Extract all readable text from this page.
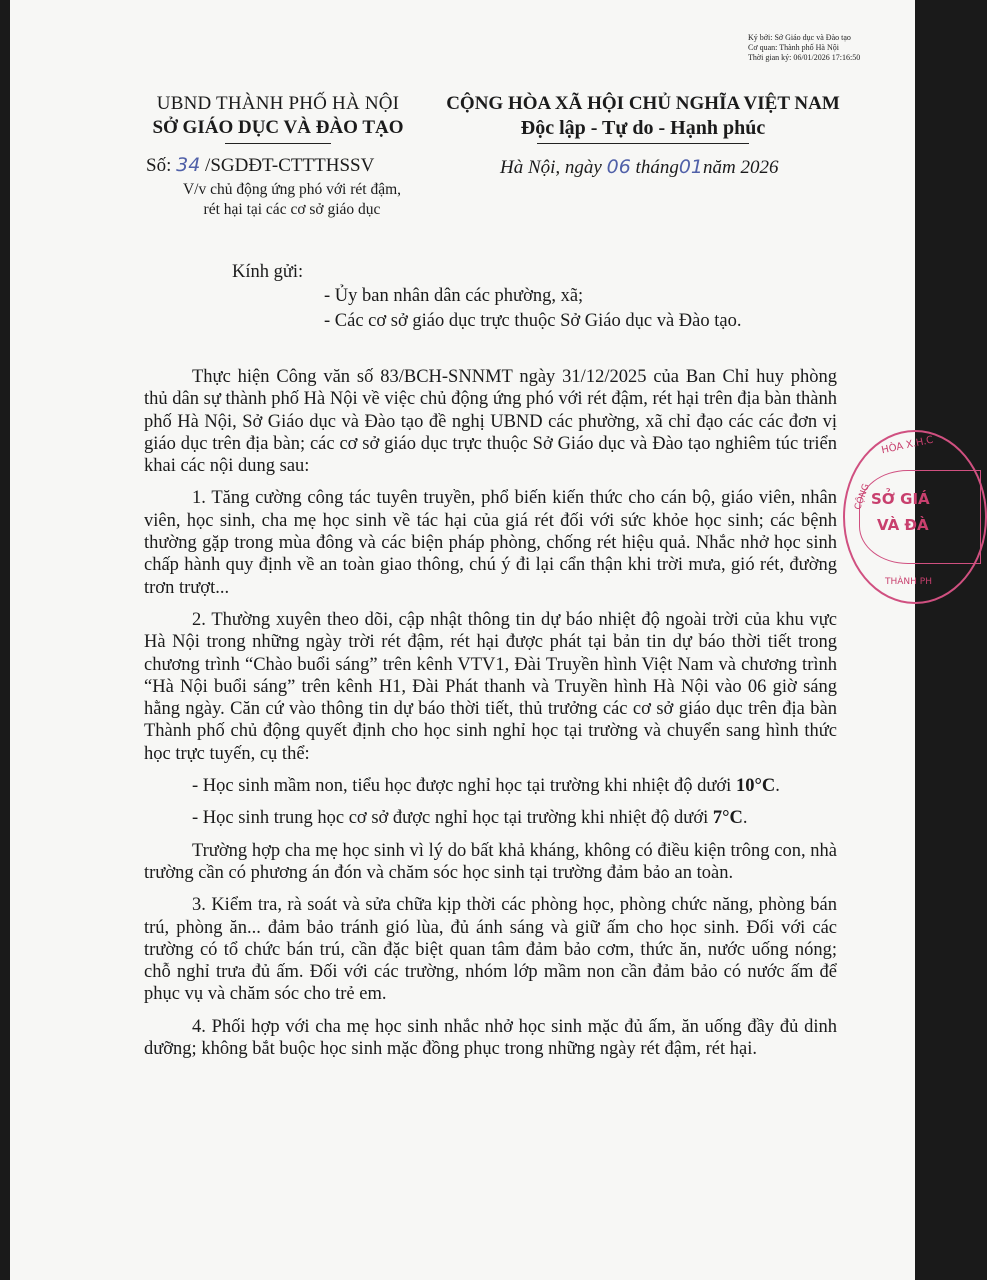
Ký bởi: Sở Giáo dục và Đào tạo
Cơ quan: Thành phố Hà Nội
Thời gian ký: 06/01/2026 17:16:50
UBND THÀNH PHỐ HÀ NỘI
SỞ GIÁO DỤC VÀ ĐÀO TẠO
CỘNG HÒA XÃ HỘI CHỦ NGHĨA VIỆT NAM
Độc lập - Tự do - Hạnh phúc
Số: 34 /SGDĐT-CTTTHSSV
V/v chủ động ứng phó với rét đậm,
rét hại tại các cơ sở giáo dục
Hà Nội, ngày 06 tháng01năm 2026
Kính gửi:
- Ủy ban nhân dân các phường, xã;
- Các cơ sở giáo dục trực thuộc Sở Giáo dục và Đào tạo.

Thực hiện Công văn số 83/BCH-SNNMT ngày 31/12/2025 của Ban Chỉ huy phòng thủ dân sự thành phố Hà Nội về việc chủ động ứng phó với rét đậm, rét hại trên địa bàn thành phố Hà Nội, Sở Giáo dục và Đào tạo đề nghị UBND các phường, xã chỉ đạo các các đơn vị giáo dục trên địa bàn; các cơ sở giáo dục trực thuộc Sở Giáo dục và Đào tạo nghiêm túc triển khai các nội dung sau:

1. Tăng cường công tác tuyên truyền, phổ biến kiến thức cho cán bộ, giáo viên, nhân viên, học sinh, cha mẹ học sinh về tác hại của giá rét đối với sức khỏe học sinh; các bệnh thường gặp trong mùa đông và các biện pháp phòng, chống rét hiệu quả. Nhắc nhở học sinh chấp hành quy định về an toàn giao thông, chú ý đi lại cẩn thận khi trời mưa, gió rét, đường trơn trượt...

2. Thường xuyên theo dõi, cập nhật thông tin dự báo nhiệt độ ngoài trời của khu vực Hà Nội trong những ngày trời rét đậm, rét hại được phát tại bản tin dự báo thời tiết trong chương trình “Chào buổi sáng” trên kênh VTV1, Đài Truyền hình Việt Nam và chương trình “Hà Nội buổi sáng” trên kênh H1, Đài Phát thanh và Truyền hình Hà Nội vào 06 giờ sáng hằng ngày. Căn cứ vào thông tin dự báo thời tiết, thủ trưởng các cơ sở giáo dục trên địa bàn Thành phố chủ động quyết định cho học sinh nghỉ học tại trường và chuyển sang hình thức học trực tuyến, cụ thể:

- Học sinh mầm non, tiểu học được nghỉ học tại trường khi nhiệt độ dưới 10°C.

- Học sinh trung học cơ sở được nghỉ học tại trường khi nhiệt độ dưới 7°C.

Trường hợp cha mẹ học sinh vì lý do bất khả kháng, không có điều kiện trông con, nhà trường cần có phương án đón và chăm sóc học sinh tại trường đảm bảo an toàn.

3. Kiểm tra, rà soát và sửa chữa kịp thời các phòng học, phòng chức năng, phòng bán trú, phòng ăn... đảm bảo tránh gió lùa, đủ ánh sáng và giữ ấm cho học sinh. Đối với các trường có tổ chức bán trú, cần đặc biệt quan tâm đảm bảo cơm, thức ăn, nước uống nóng; chỗ nghỉ trưa đủ ấm. Đối với các trường, nhóm lớp mầm non cần đảm bảo có nước ấm để phục vụ và chăm sóc cho trẻ em.

4. Phối hợp với cha mẹ học sinh nhắc nhở học sinh mặc đủ ấm, ăn uống đầy đủ dinh dưỡng; không bắt buộc học sinh mặc đồng phục trong những ngày rét đậm, rét hại.

HÒA X.H.C
CỘNG SỞ GIÁ
VÀ ĐÀ
THÀNH PH
